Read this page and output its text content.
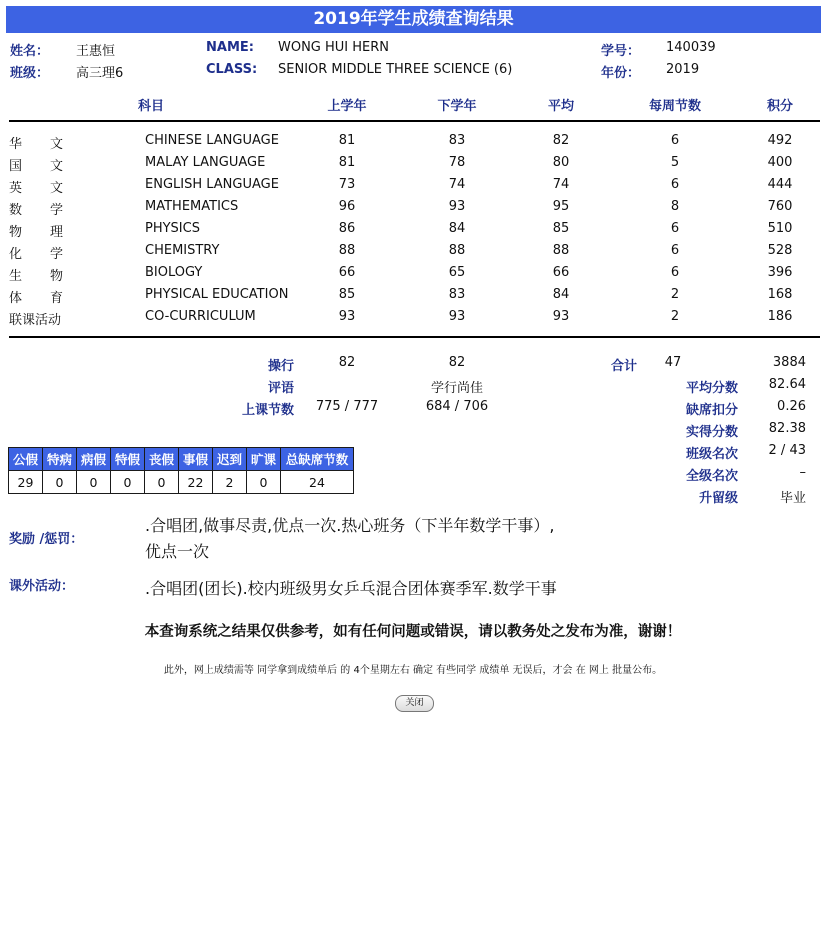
2019年学生成绩查询结果
姓名： 王惠恒
班级： 高三理6
NAME: WONG HUI HERN
CLASS: SENIOR MIDDLE THREE SCIENCE (6)
学号： 140039
年份： 2019
科目	上学年	下学年	平均	每周节数	积分
华 文	CHINESE LANGUAGE	81	83	82	6	492
国 文	MALAY LANGUAGE	81	78	80	5	400
英 文	ENGLISH LANGUAGE	73	74	74	6	444
数 学	MATHEMATICS	96	93	95	8	760
物 理	PHYSICS	86	84	85	6	510
化 学	CHEMISTRY	88	88	88	6	528
生 物	BIOLOGY	66	65	66	6	396
体 育	PHYSICAL EDUCATION	85	83	84	2	168
联课活动	CO-CURRICULUM	93	93	93	2	186
操行	82	82
评语	学行尚佳
上课节数 775 / 777	684 / 706
合计 47	3884
平均分数 82.64
缺席扣分	0.26
实得分数 82.38
班级名次 2 / 43
全级名次	–
升留级	毕业
公假	特病	病假	特假	丧假	事假	迟到	旷课	总缺席节数
29	0	0	0	0	22	2	0	24
奖励 /惩罚：
.合唱团,做事尽责,优点一次.热心班务（下半年数学干事）,
优点一次
课外活动：	.合唱团(团长).校内班级男女乒乓混合团体赛季军.数学干事
本查询系统之结果仅供参考，如有任何问题或错误，请以教务处之发布为准，谢谢！
此外，网上成绩需等 同学拿到成绩单后 的 4个星期左右 确定 有些同学 成绩单 无误后，才会 在 网上 批量公布。
关闭
